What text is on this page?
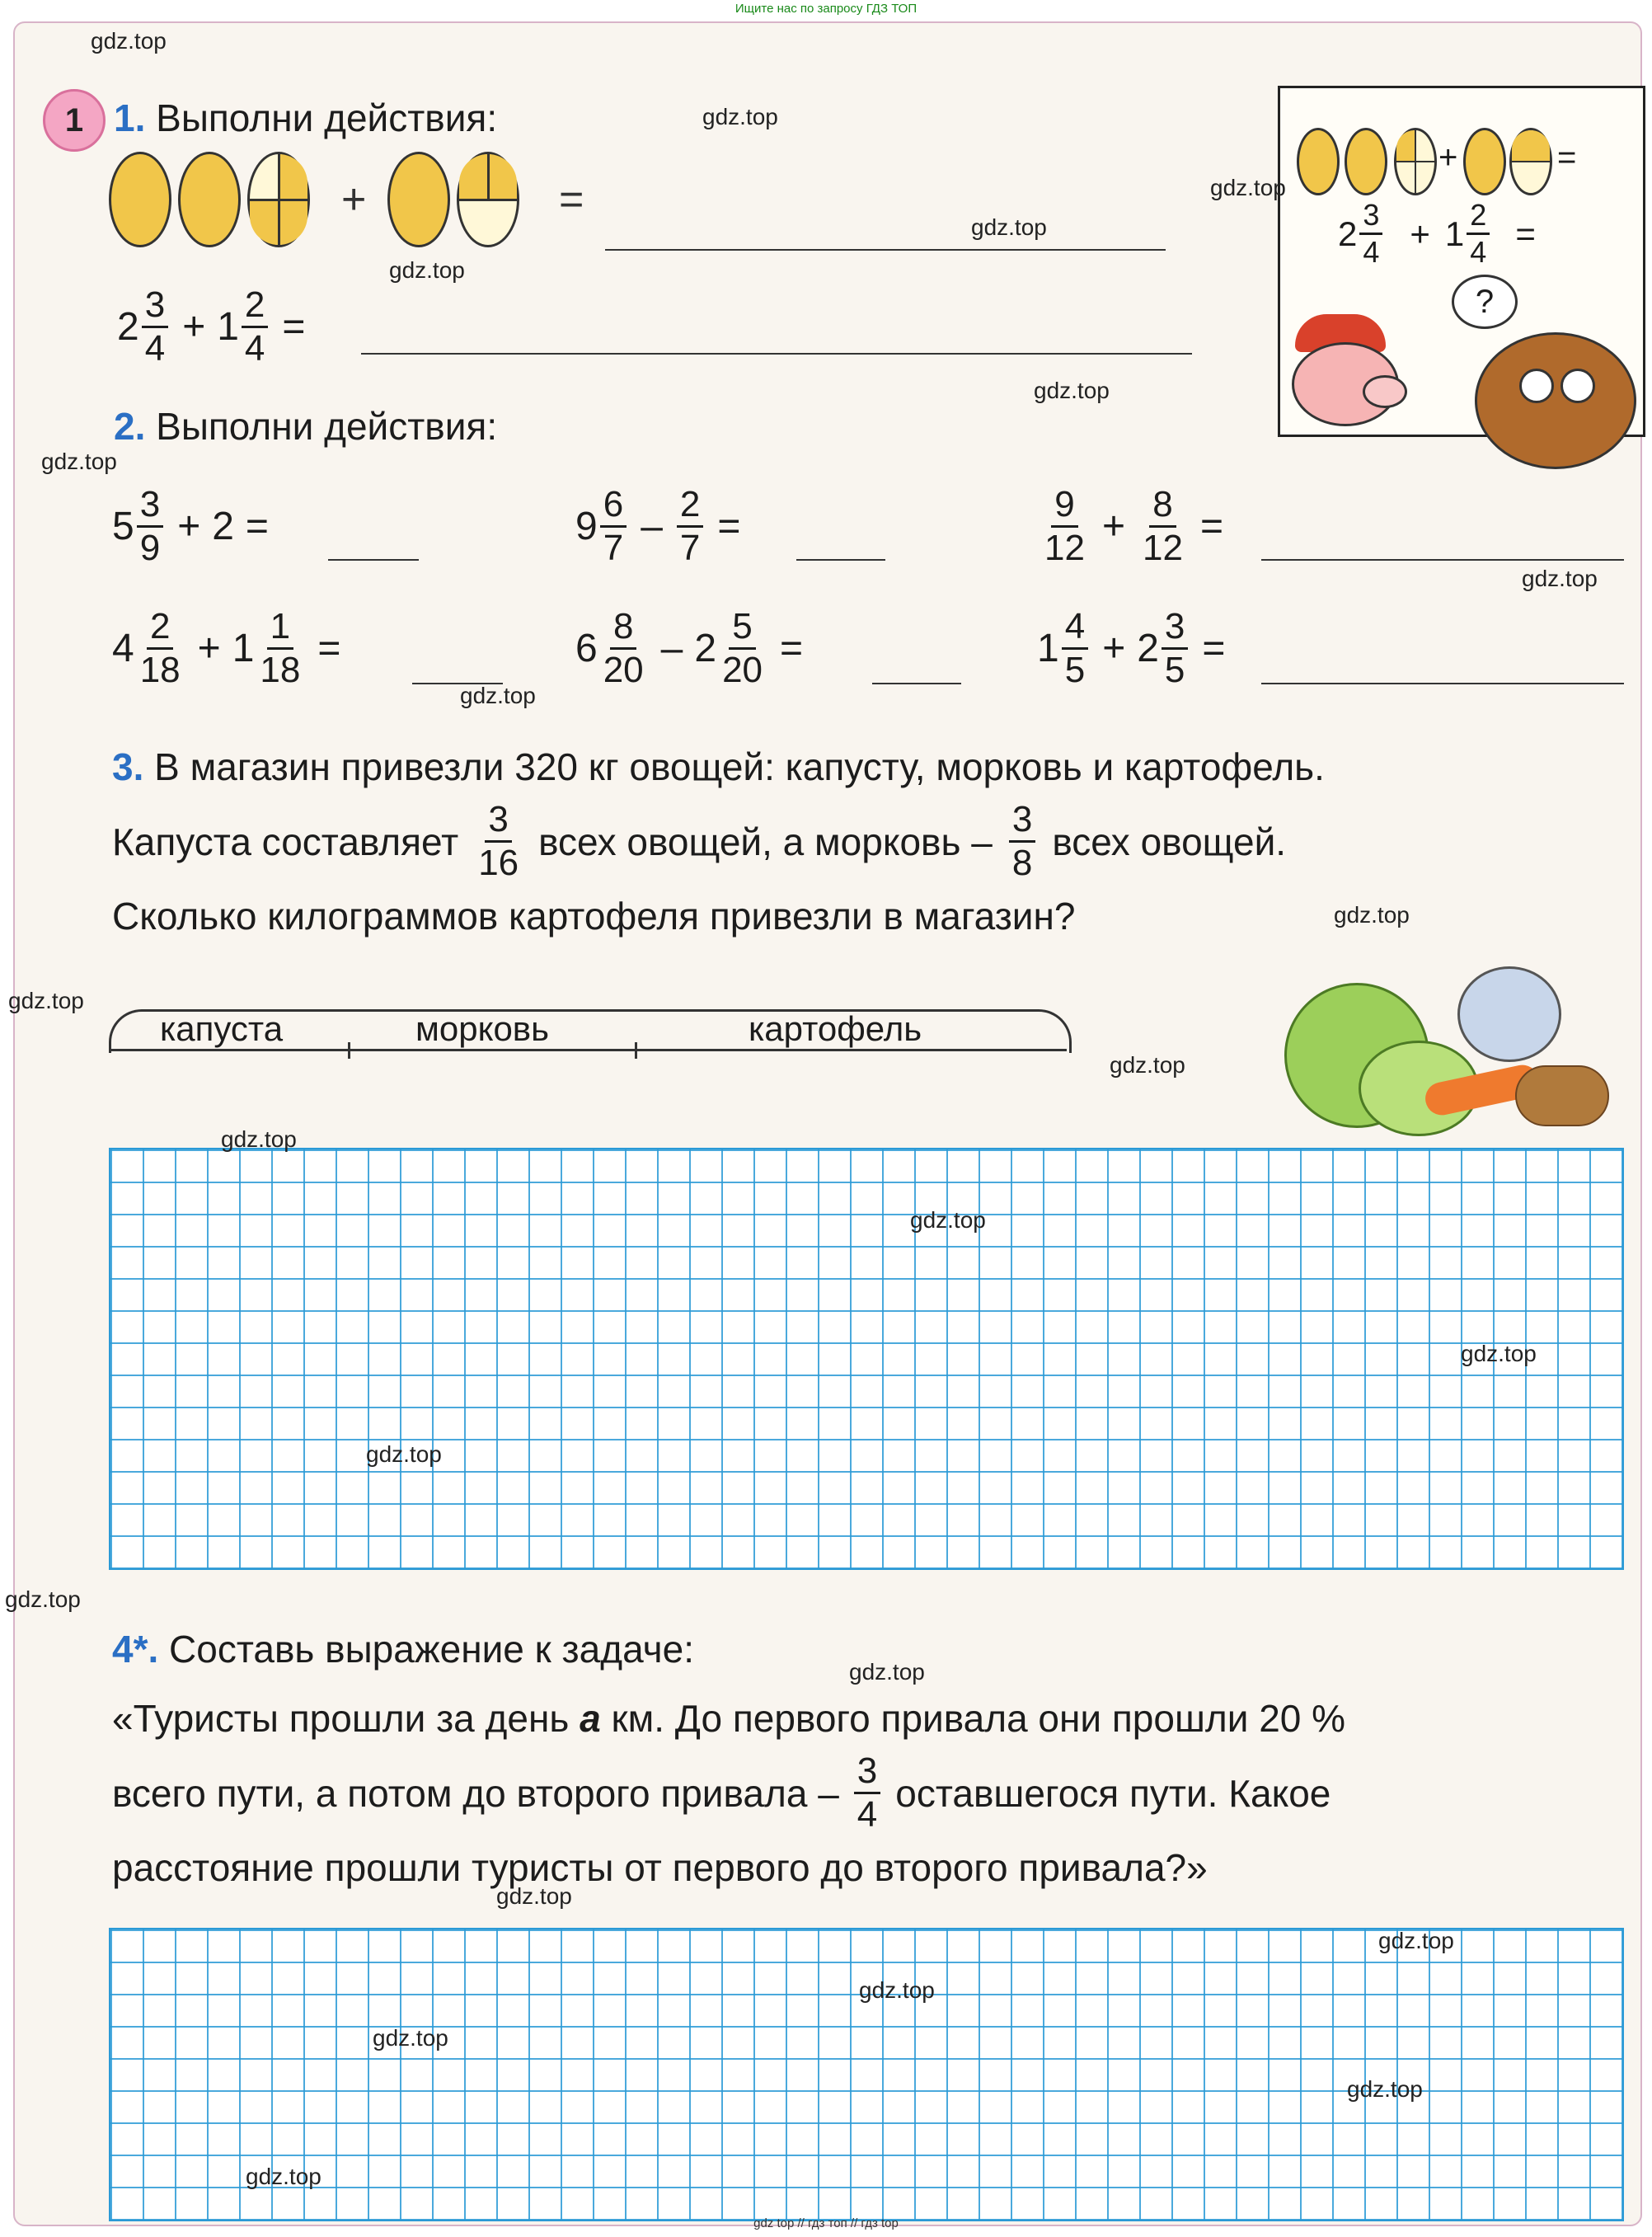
Ищите нас по запросу ГДЗ ТОП
1
+	=
$2 \frac{3}{4} + 1 \frac{2}{4}$ =
?
1. Выполни действия:
+	=
$2 \frac{3}{4} + 1 \frac{2}{4}$ =
2. Выполни действия:
$5 \frac{3}{9} + 2$ =	$9 \frac{6}{7} - \frac{2}{7}$ =	$\frac{9}{12} + \frac{8}{12}$ =
$4 \frac{2}{18} + 1 \frac{1}{18}$ =	$6 \frac{8}{20} - 2 \frac{5}{20}$ =	$1 \frac{4}{5} + 2 \frac{3}{5}$ =
3. В магазин привезли 320 кг овощей: капусту, морковь и картофель.
Капуста составляет $\frac{3}{16}$ всех овощей, а морковь – $\frac{3}{8}$ всех овощей.
Сколько килограммов картофеля привезли в магазин?
капуста	морковь	картофель
4*. Составь выражение к задаче:
«Туристы прошли за день a км. До первого привала они прошли 20 %
всего пути, а потом до второго привала – $\frac{3}{4}$ оставшегося пути. Какое
расстояние прошли туристы от первого до второго привала?»
gdz.top
gdz.top
gdz.top
gdz.top
gdz.top
gdz.top
gdz.top
gdz.top
gdz.top
gdz.top
gdz.top
gdz.top
gdz.top
gdz.top
gdz.top
gdz.top
gdz.top
gdz.top
gdz.top
gdz.top
gdz.top
gdz.top
gdz.top
gdz.top
gdz top // гдз топ // гдз top
